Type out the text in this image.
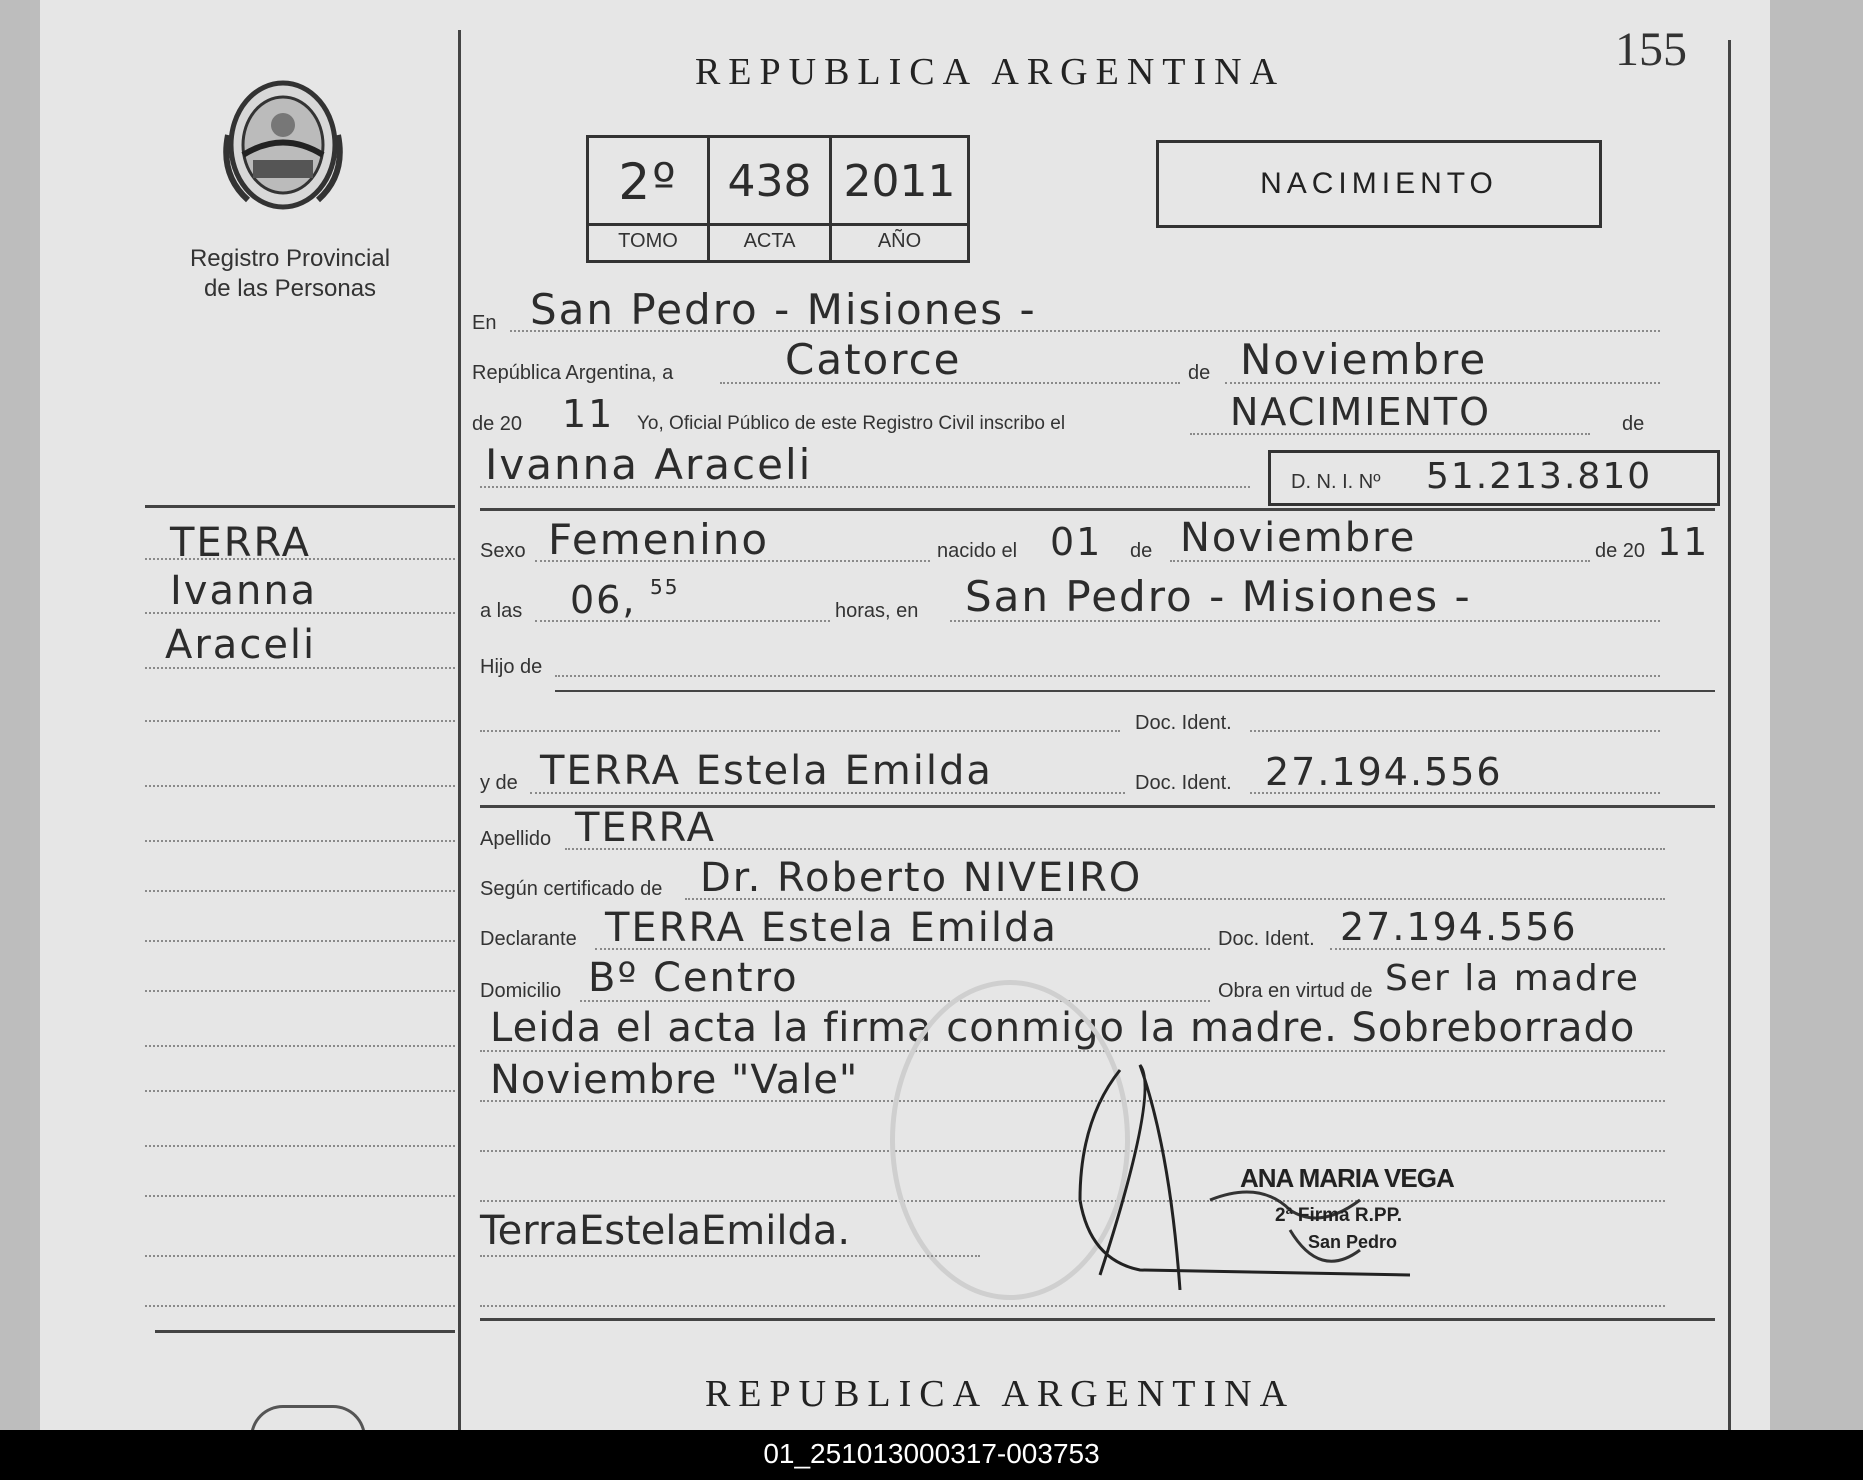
Registro Provincial
de las Personas
REPUBLICA ARGENTINA	155
2º	438 2011
TOMO	ACTA	AÑO
NACIMIENTO
TERRA
Ivanna
Araceli
En San Pedro - Misiones -
República Argentina, a	Catorce	de Noviembre
de 20 11 Yo, Oficial Público de este Registro Civil inscribo el	NACIMIENTO	de
Ivanna Araceli	D. N. I. Nº 51.213.810
Sexo Femenino	nacido el 01 de Noviembre	de 20 11
a las 06, 55
horas, en San Pedro - Misiones -
Hijo de
Doc. Ident.
y de TERRA Estela Emilda	Doc. Ident. 27.194.556
Apellido TERRA
Según certificado de Dr. Roberto NIVEIRO
Declarante TERRA Estela Emilda	Doc. Ident. 27.194.556
Domicilio Bº Centro	Obra en virtud de Ser la madre
Leida el acta la firma conmigo la madre. Sobreborrado
Noviembre "Vale"
ANA MARIA VEGA
2ª Firma R.PP.
San Pedro
TerraEstelaEmilda.
REPUBLICA ARGENTINA
01_251013000317-003753
